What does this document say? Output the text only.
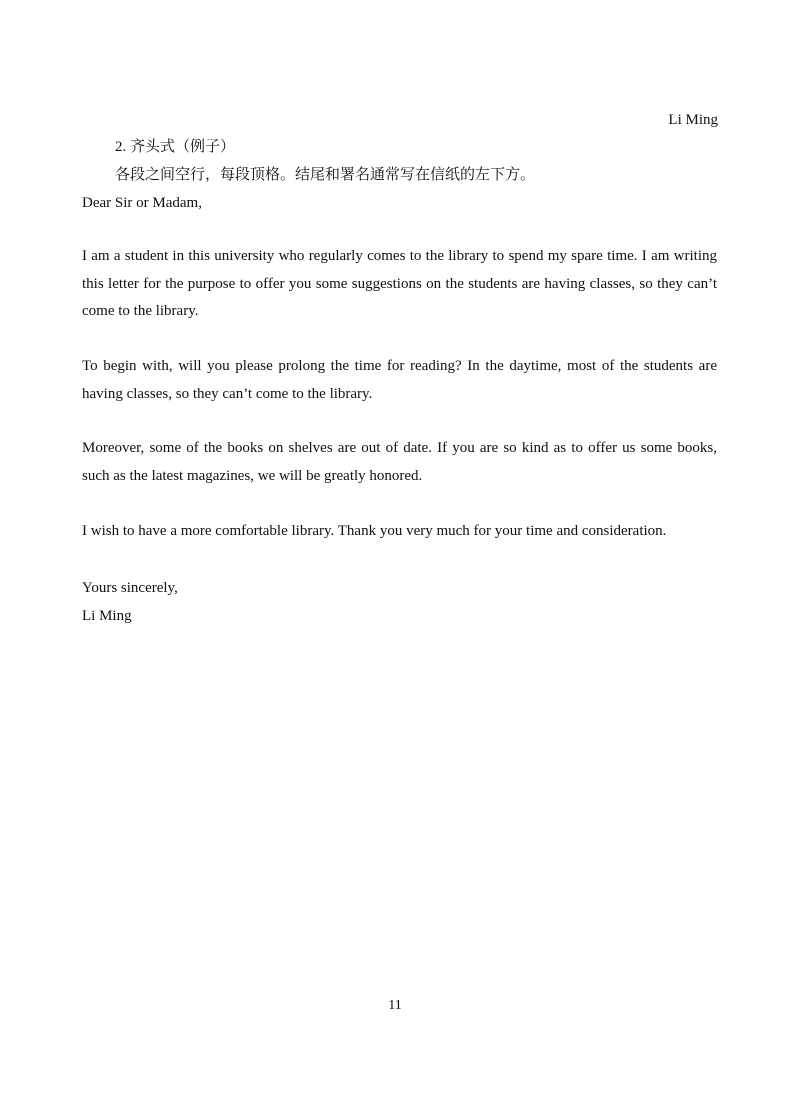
Li Ming
2. 齐头式（例子）
各段之间空行，每段顶格。结尾和署名通常写在信纸的左下方。
Dear Sir or Madam,
I am a student in this university who regularly comes to the library to spend my spare time. I am writing this letter for the purpose to offer you some suggestions on the students are having classes, so they can’t come to the library.
To begin with, will you please prolong the time for reading? In the daytime, most of the students are having classes, so they can’t come to the library.
Moreover, some of the books on shelves are out of date. If you are so kind as to offer us some books, such as the latest magazines, we will be greatly honored.
I wish to have a more comfortable library. Thank you very much for your time and consideration.
Yours sincerely,
Li Ming
11
